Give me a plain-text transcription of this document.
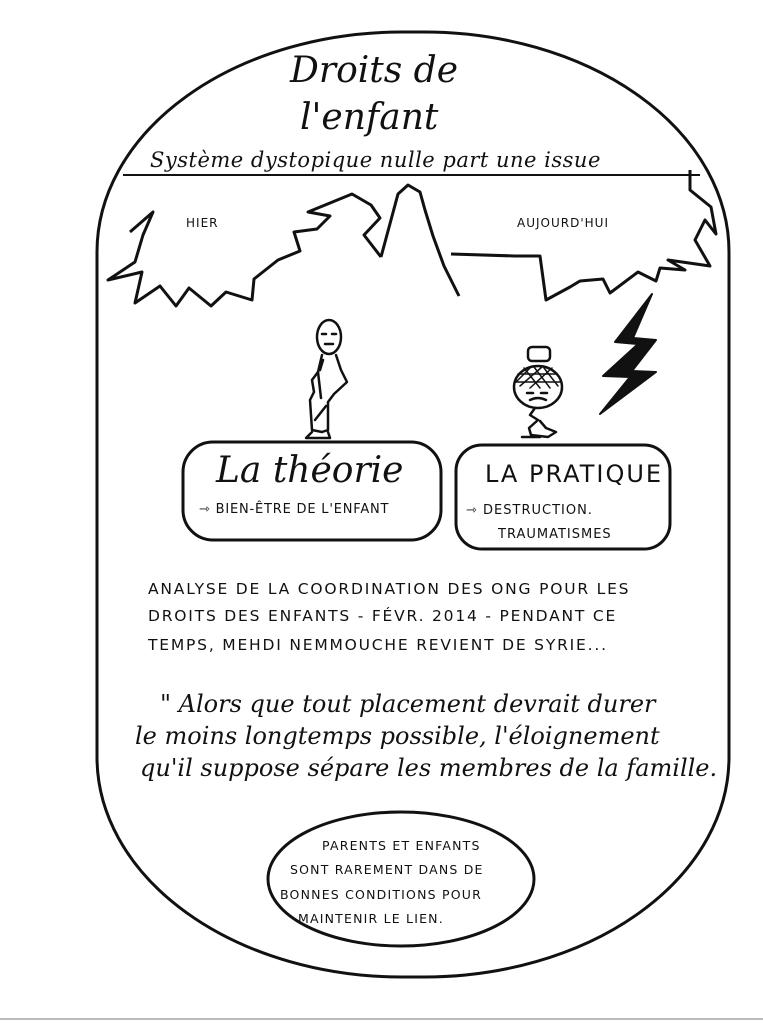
Droits de
l'enfant
Système dystopique nulle part une issue
HIER	AUJOURD'HUI
La théorie
⇾ BIEN-ÊTRE DE L'ENFANT
LA PRATIQUE
⇾ DESTRUCTION.
TRAUMATISMES
ANALYSE DE LA COORDINATION DES ONG POUR LES
DROITS DES ENFANTS - FÉVR. 2014 - PENDANT CE
TEMPS, MEHDI NEMMOUCHE REVIENT DE SYRIE...
" Alors que tout placement devrait durer
le moins longtemps possible, l'éloignement
qu'il suppose sépare les membres de la famille.
PARENTS ET ENFANTS
SONT RAREMENT DANS DE
BONNES CONDITIONS POUR
MAINTENIR LE LIEN.
